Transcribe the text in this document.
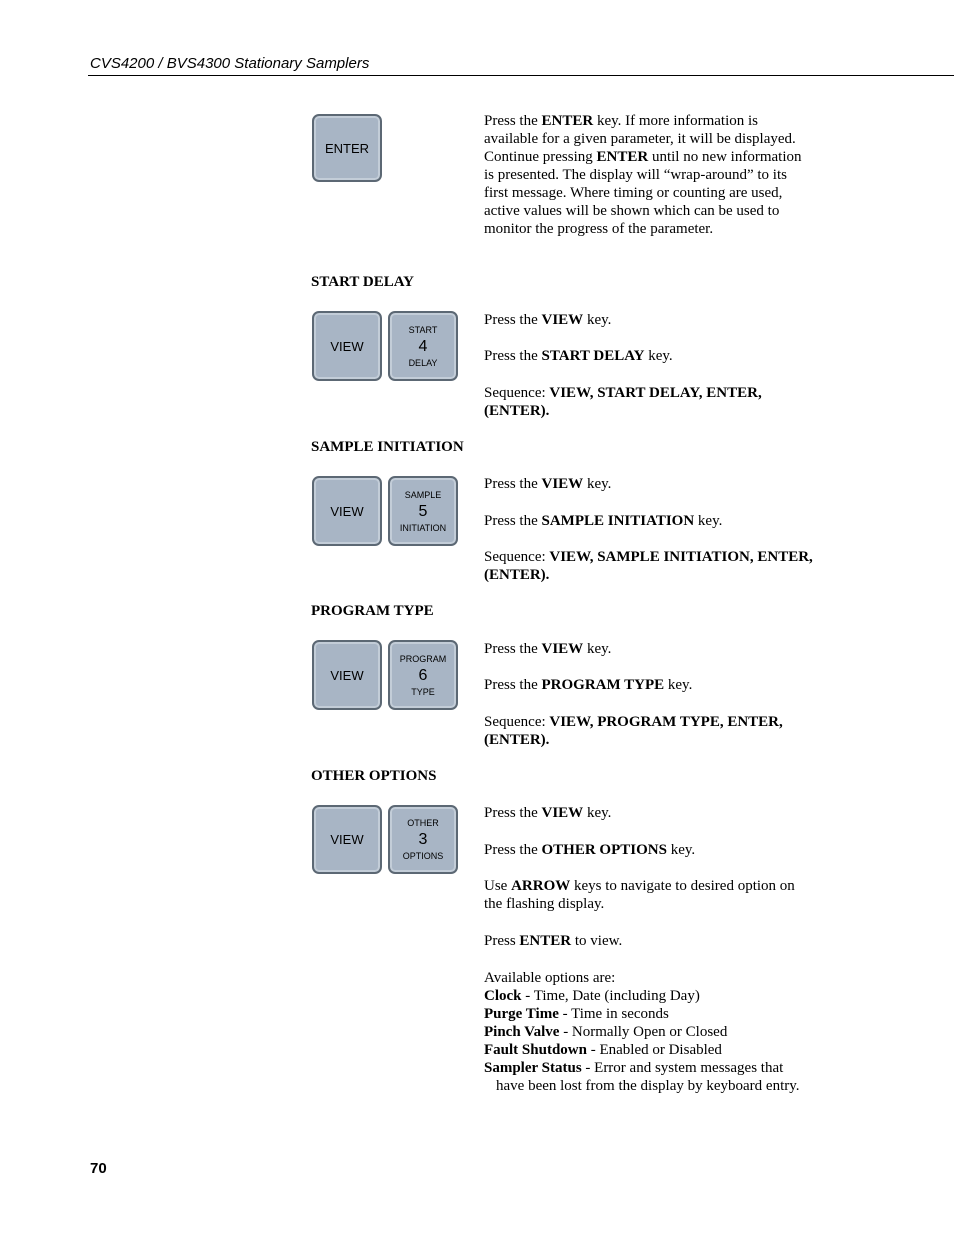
CVS4200 / BVS4300 Stationary Samplers
ENTER

Press the ENTER key. If more information is available for a given parameter, it will be displayed. Continue pressing ENTER until no new information is presented. The display will “wrap-around” to its first message. Where timing or counting are used, active values will be shown which can be used to monitor the progress of the parameter.

START DELAY
VIEW
START
4
DELAY

Press the VIEW key.

Press the START DELAY key.

Sequence: VIEW, START DELAY, ENTER, (ENTER).

SAMPLE INITIATION
VIEW
SAMPLE
5
INITIATION

Press the VIEW key.

Press the SAMPLE INITIATION key.

Sequence: VIEW, SAMPLE INITIATION, ENTER, (ENTER).

PROGRAM TYPE
VIEW
PROGRAM
6
TYPE

Press the VIEW key.

Press the PROGRAM TYPE key.

Sequence: VIEW, PROGRAM TYPE, ENTER, (ENTER).

OTHER OPTIONS
VIEW
OTHER
3
OPTIONS

Press the VIEW key.

Press the OTHER OPTIONS key.

Use ARROW keys to navigate to desired option on the flashing display.

Press ENTER to view.

Available options are:

Clock - Time, Date (including Day)

Purge Time - Time in seconds

Pinch Valve - Normally Open or Closed

Fault Shutdown - Enabled or Disabled

Sampler Status - Error and system messages that have been lost from the display by keyboard entry.

70
